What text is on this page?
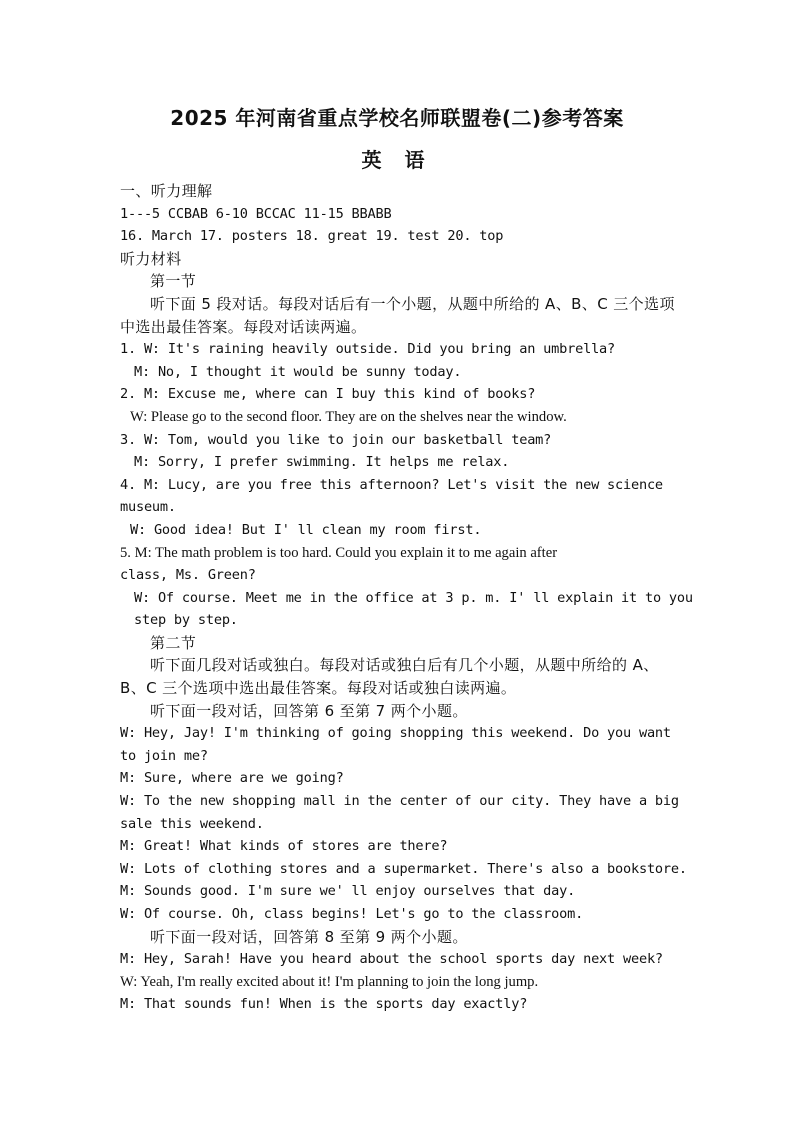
2025 年河南省重点学校名师联盟卷(二)参考答案
英 语
一、听力理解
1---5 CCBAB 6-10 BCCAC 11-15 BBABB
16. March 17. posters 18. great 19. test 20. top
听力材料
第一节
听下面 5 段对话。每段对话后有一个小题，从题中所给的 A、B、C 三个选项
中选出最佳答案。每段对话读两遍。
1. W: It's raining heavily outside. Did you bring an umbrella?
M: No, I thought it would be sunny today.
2. M: Excuse me, where can I buy this kind of books?
W: Please go to the second floor. They are on the shelves near the window.
3. W: Tom, would you like to join our basketball team?
M: Sorry, I prefer swimming. It helps me relax.
4. M: Lucy, are you free this afternoon? Let's visit the new science
museum.
W: Good idea! But I' ll clean my room first.
5. M: The math problem is too hard. Could you explain it to me again after
class, Ms. Green?
W: Of course. Meet me in the office at 3 p. m. I' ll explain it to you
step by step.
第二节
听下面几段对话或独白。每段对话或独白后有几个小题，从题中所给的 A、
B、C 三个选项中选出最佳答案。每段对话或独白读两遍。
听下面一段对话，回答第 6 至第 7 两个小题。
W: Hey, Jay! I'm thinking of going shopping this weekend. Do you want
to join me?
M: Sure, where are we going?
W: To the new shopping mall in the center of our city. They have a big
sale this weekend.
M: Great! What kinds of stores are there?
W: Lots of clothing stores and a supermarket. There's also a bookstore.
M: Sounds good. I'm sure we' ll enjoy ourselves that day.
W: Of course. Oh, class begins! Let's go to the classroom.
听下面一段对话，回答第 8 至第 9 两个小题。
M: Hey, Sarah! Have you heard about the school sports day next week?
W: Yeah, I'm really excited about it! I'm planning to join the long jump.
M: That sounds fun! When is the sports day exactly?
